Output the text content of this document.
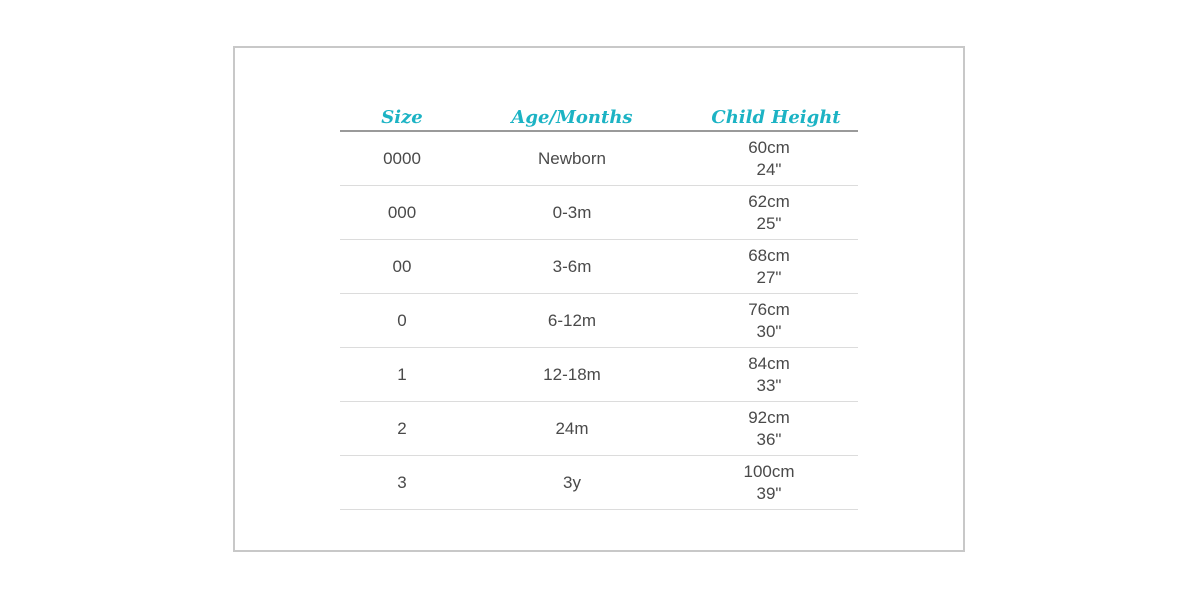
Size	Age/Months	Child Height
0000	Newborn	60cm
24"

000	0-3m	62cm
25"

00	3-6m	68cm
27"

0	6-12m	76cm
30"

1	12-18m	84cm
33"

2	24m	92cm
36"

3	3y	100cm
39"
